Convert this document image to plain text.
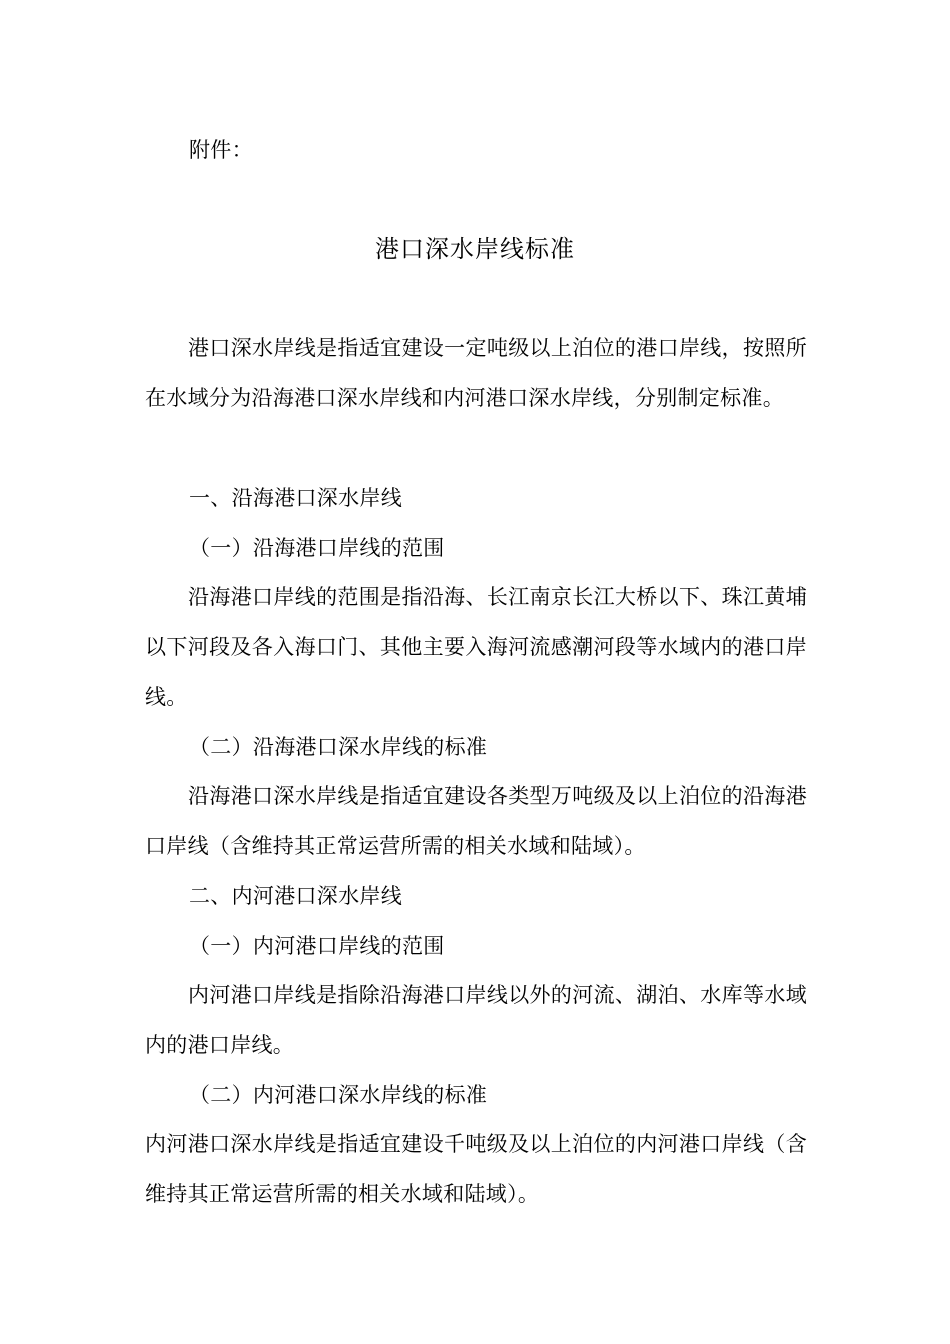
附件：
港口深水岸线标准
港口深水岸线是指适宜建设一定吨级以上泊位的港口岸线，按照所在水域分为沿海港口深水岸线和内河港口深水岸线，分别制定标准。
一、沿海港口深水岸线
（一）沿海港口岸线的范围
沿海港口岸线的范围是指沿海、长江南京长江大桥以下、珠江黄埔以下河段及各入海口门、其他主要入海河流感潮河段等水域内的港口岸线。
（二）沿海港口深水岸线的标准
沿海港口深水岸线是指适宜建设各类型万吨级及以上泊位的沿海港口岸线（含维持其正常运营所需的相关水域和陆域）。
二、内河港口深水岸线
（一）内河港口岸线的范围
内河港口岸线是指除沿海港口岸线以外的河流、湖泊、水库等水域内的港口岸线。
（二）内河港口深水岸线的标准
内河港口深水岸线是指适宜建设千吨级及以上泊位的内河港口岸线（含维持其正常运营所需的相关水域和陆域）。
